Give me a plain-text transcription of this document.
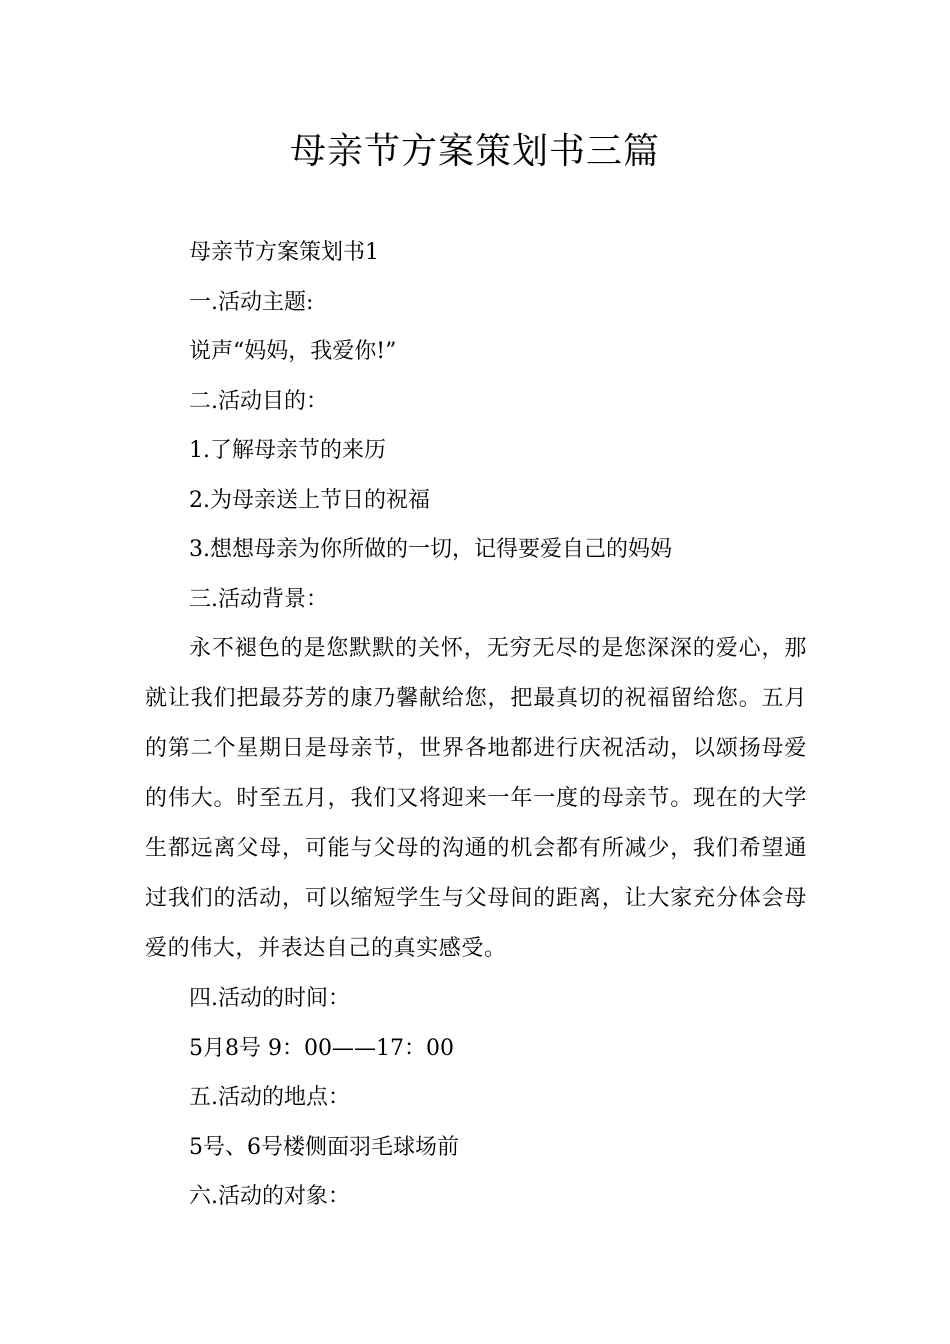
母亲节方案策划书三篇

母亲节方案策划书1

一.活动主题:

说声“妈妈，我爱你!”

二.活动目的：

1.了解母亲节的来历

2.为母亲送上节日的祝福

3.想想母亲为你所做的一切，记得要爱自己的妈妈

三.活动背景：

永不褪色的是您默默的关怀，无穷无尽的是您深深的爱心，那就让我们把最芬芳的康乃馨献给您，把最真切的祝福留给您。五月的第二个星期日是母亲节，世界各地都进行庆祝活动，以颂扬母爱的伟大。时至五月，我们又将迎来一年一度的母亲节。现在的大学生都远离父母，可能与父母的沟通的机会都有所减少，我们希望通过我们的活动，可以缩短学生与父母间的距离，让大家充分体会母爱的伟大，并表达自己的真实感受。

四.活动的时间：

5月8号 9：00——17：00

五.活动的地点：

5号、6号楼侧面羽毛球场前

六.活动的对象：
